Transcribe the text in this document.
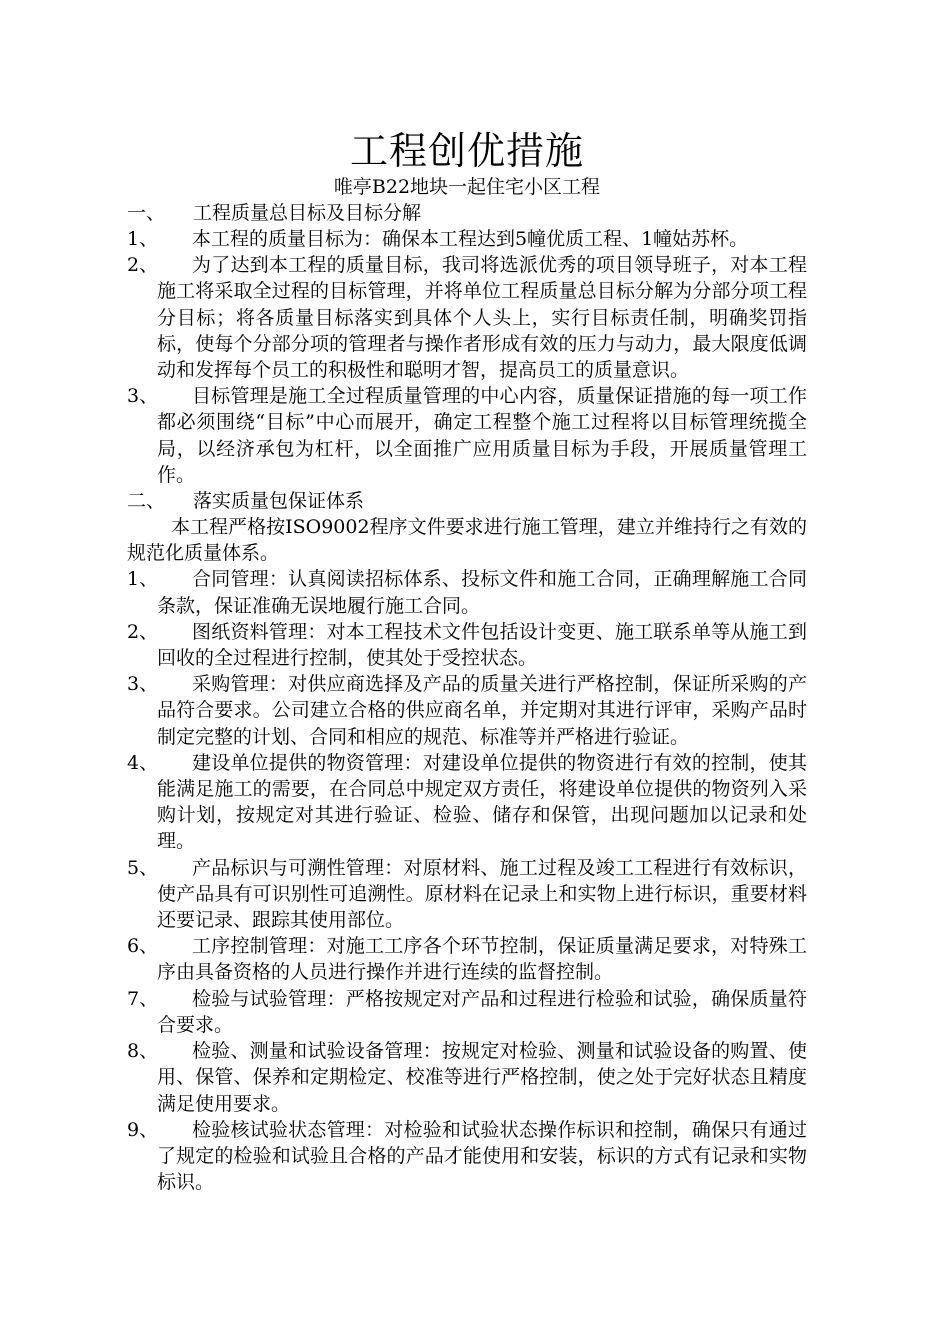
工程创优措施

唯亭B22地块一起住宅小区工程

一、	工程质量总目标及目标分解
1、	本工程的质量目标为：确保本工程达到5幢优质工程、1幢姑苏杯。
2、	为了达到本工程的质量目标，我司将选派优秀的项目领导班子，对本工程施工将采取全过程的目标管理，并将单位工程质量总目标分解为分部分项工程分目标；将各质量目标落实到具体个人头上，实行目标责任制，明确奖罚指标，使每个分部分项的管理者与操作者形成有效的压力与动力，最大限度低调动和发挥每个员工的积极性和聪明才智，提高员工的质量意识。
3、	目标管理是施工全过程质量管理的中心内容，质量保证措施的每一项工作都必须围绕“目标”中心而展开，确定工程整个施工过程将以目标管理统揽全局，以经济承包为杠杆，以全面推广应用质量目标为手段，开展质量管理工作。
二、	落实质量包保证体系

本工程严格按ISO9002程序文件要求进行施工管理，建立并维持行之有效的规范化质量体系。

1、	合同管理：认真阅读招标体系、投标文件和施工合同，正确理解施工合同条款，保证准确无误地履行施工合同。
2、	图纸资料管理：对本工程技术文件包括设计变更、施工联系单等从施工到回收的全过程进行控制，使其处于受控状态。
3、	采购管理：对供应商选择及产品的质量关进行严格控制，保证所采购的产品符合要求。公司建立合格的供应商名单，并定期对其进行评审，采购产品时制定完整的计划、合同和相应的规范、标准等并严格进行验证。
4、	建设单位提供的物资管理：对建设单位提供的物资进行有效的控制，使其能满足施工的需要，在合同总中规定双方责任，将建设单位提供的物资列入采购计划，按规定对其进行验证、检验、储存和保管，出现问题加以记录和处理。
5、	产品标识与可溯性管理：对原材料、施工过程及竣工工程进行有效标识，使产品具有可识别性可追溯性。原材料在记录上和实物上进行标识，重要材料还要记录、跟踪其使用部位。
6、	工序控制管理：对施工工序各个环节控制，保证质量满足要求，对特殊工序由具备资格的人员进行操作并进行连续的监督控制。
7、	检验与试验管理：严格按规定对产品和过程进行检验和试验，确保质量符合要求。
8、	检验、测量和试验设备管理：按规定对检验、测量和试验设备的购置、使用、保管、保养和定期检定、校准等进行严格控制，使之处于完好状态且精度满足使用要求。
9、	检验核试验状态管理：对检验和试验状态操作标识和控制，确保只有通过了规定的检验和试验且合格的产品才能使用和安装，标识的方式有记录和实物标识。
